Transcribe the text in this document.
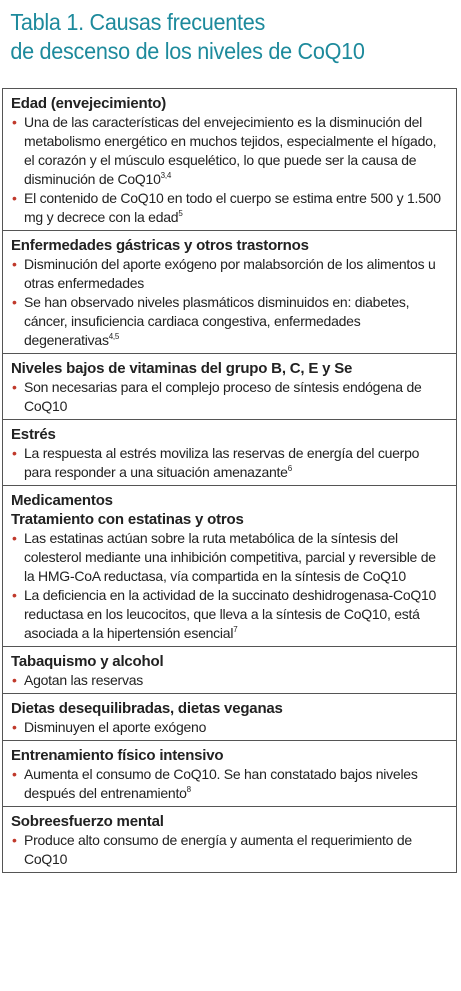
Tabla 1. Causas frecuentes
de descenso de los niveles de CoQ10
Edad (envejecimiento)
• Una de las características del envejecimiento es la disminución del metabolismo energético en muchos tejidos, especialmente el hígado, el corazón y el músculo esquelético, lo que puede ser la causa de disminución de CoQ10$^{3,4}$
• El contenido de CoQ10 en todo el cuerpo se estima entre 500 y 1.500 mg y decrece con la edad$^5$
Enfermedades gástricas y otros trastornos
• Disminución del aporte exógeno por malabsorción de los alimentos u otras enfermedades
• Se han observado niveles plasmáticos disminuidos en: diabetes, cáncer, insuficiencia cardiaca congestiva, enfermedades degenerativas$^{4,5}$
Niveles bajos de vitaminas del grupo B, C, E y Se
• Son necesarias para el complejo proceso de síntesis endógena de CoQ10
Estrés
• La respuesta al estrés moviliza las reservas de energía del cuerpo para responder a una situación amenazante$^6$
Medicamentos
Tratamiento con estatinas y otros
• Las estatinas actúan sobre la ruta metabólica de la síntesis del colesterol mediante una inhibición competitiva, parcial y reversible de la HMG-CoA reductasa, vía compartida en la síntesis de CoQ10
• La deficiencia en la actividad de la succinato deshidrogenasa-CoQ10 reductasa en los leucocitos, que lleva a la síntesis de CoQ10, está asociada a la hipertensión esencial$^7$
Tabaquismo y alcohol
• Agotan las reservas
Dietas desequilibradas, dietas veganas
• Disminuyen el aporte exógeno
Entrenamiento físico intensivo
• Aumenta el consumo de CoQ10. Se han constatado bajos niveles después del entrenamiento$^8$
Sobreesfuerzo mental
• Produce alto consumo de energía y aumenta el requerimiento de CoQ10
